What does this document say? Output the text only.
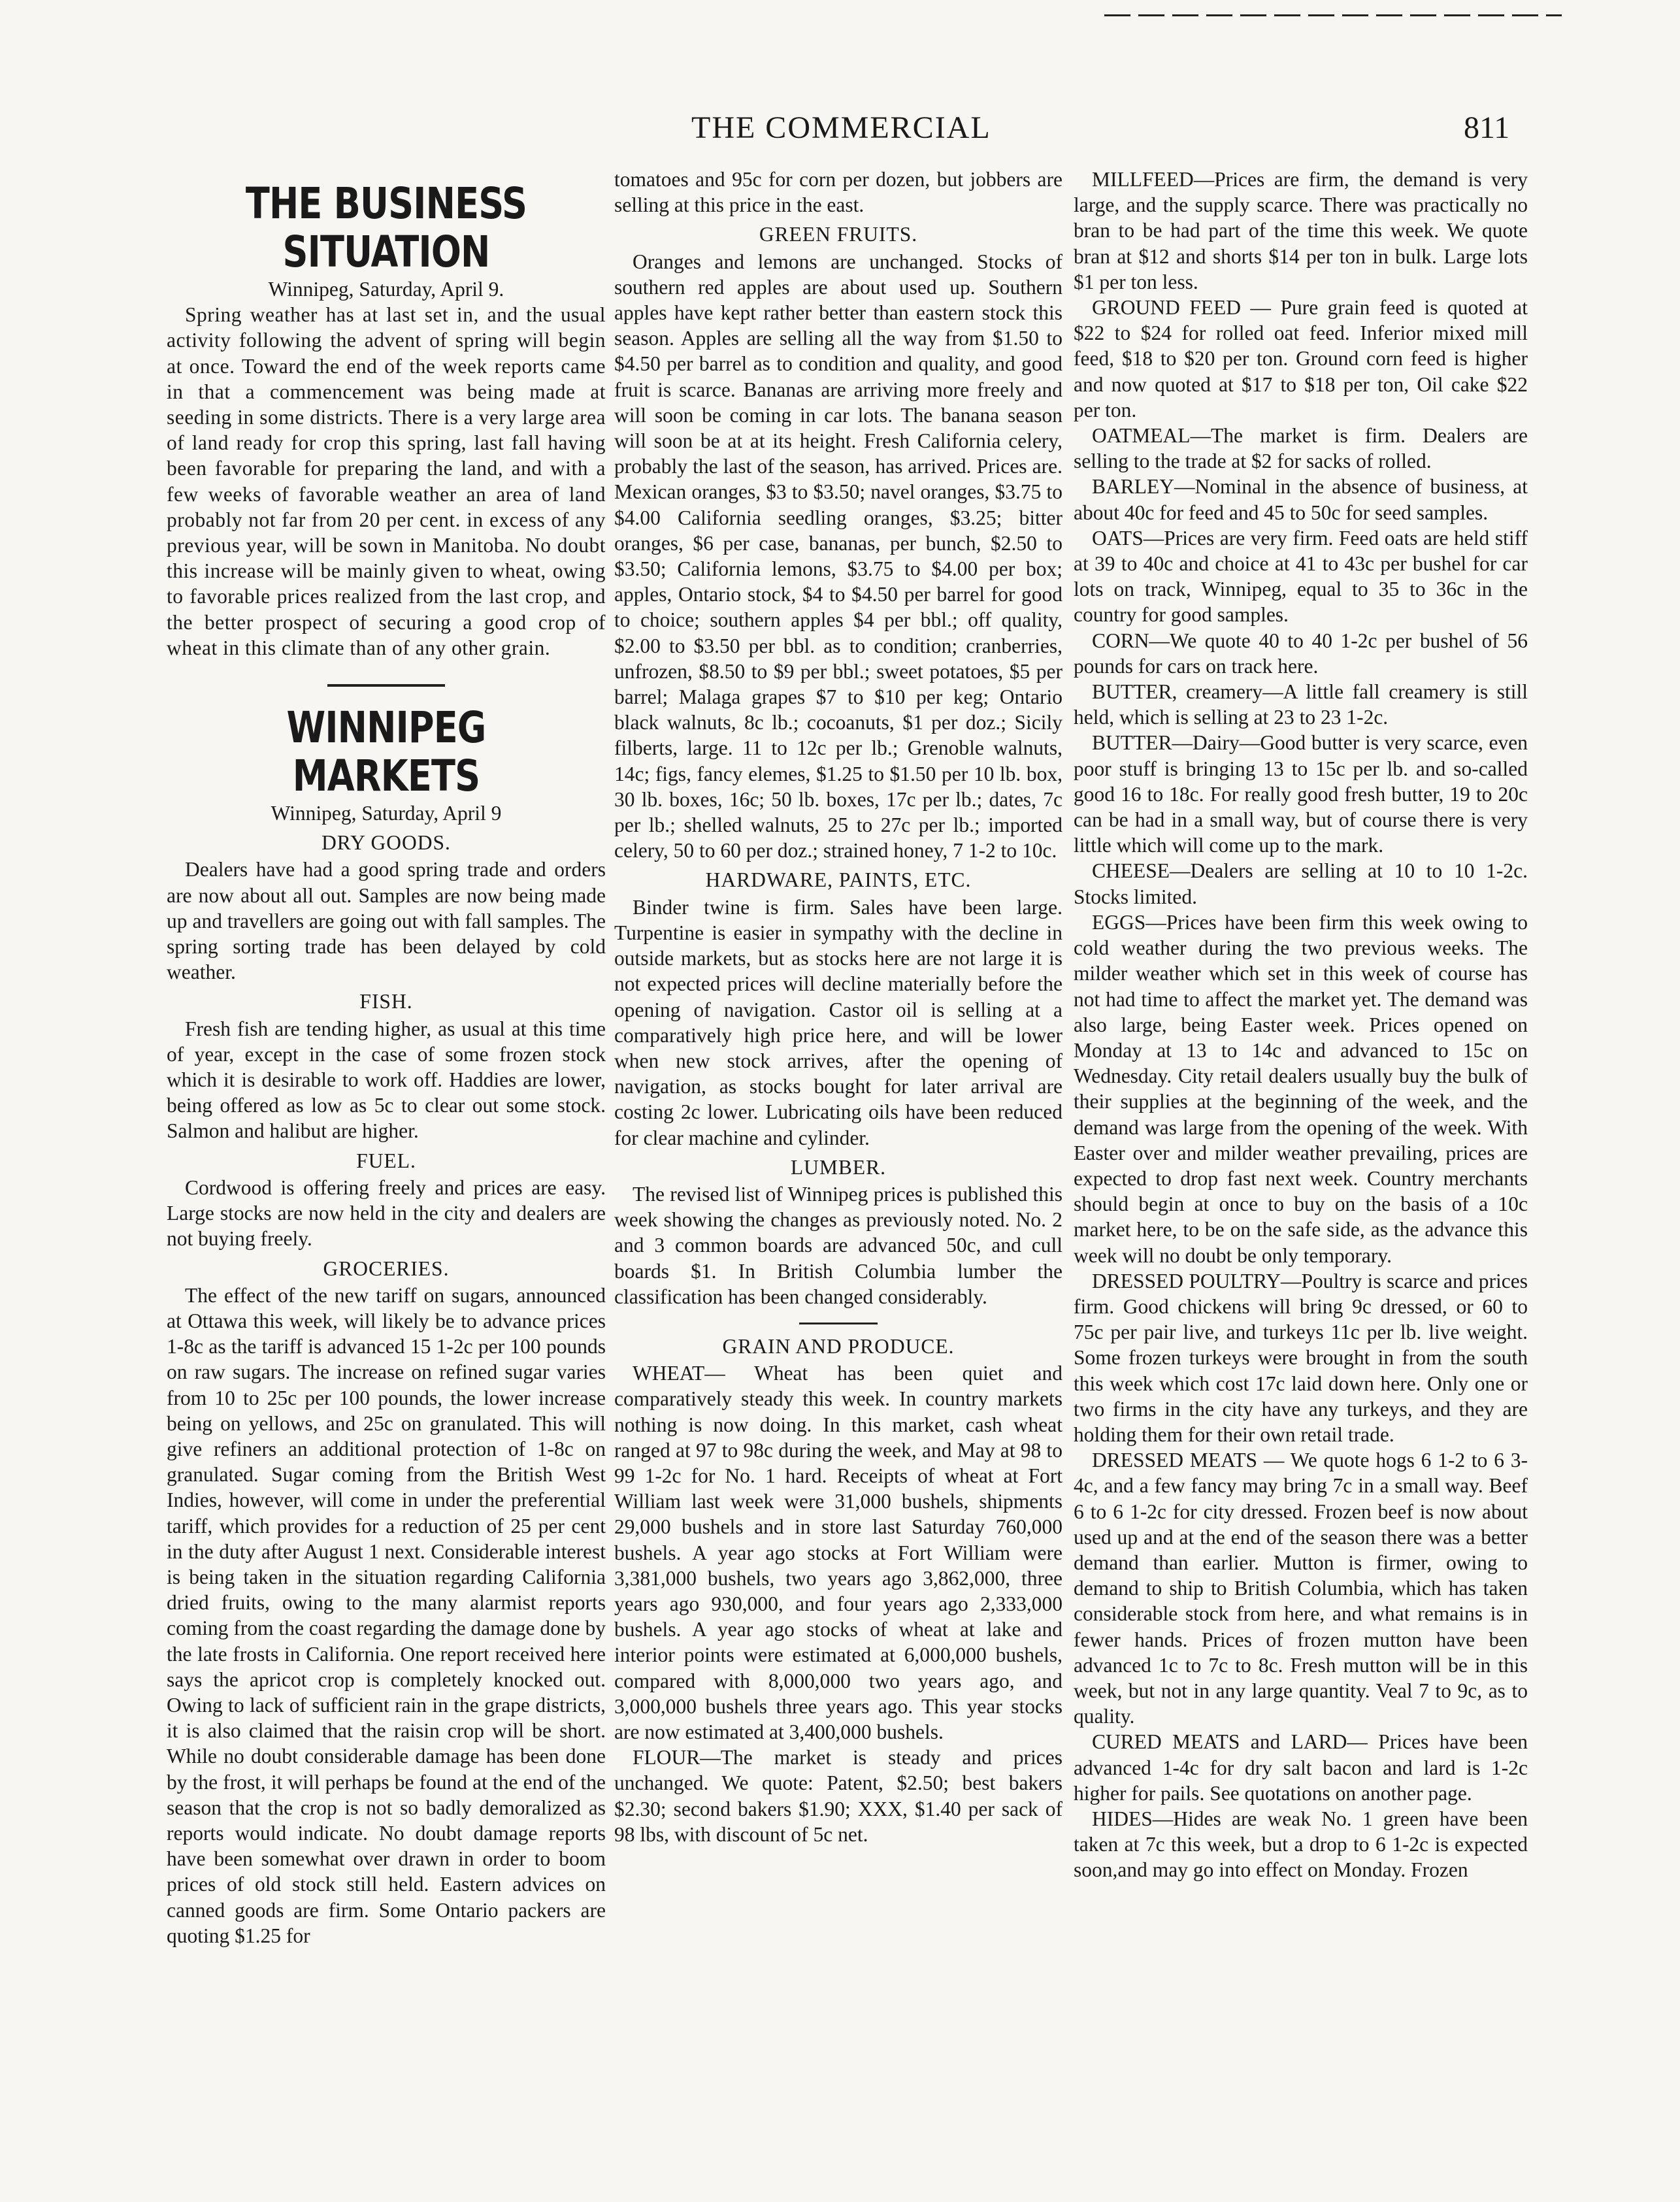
THE COMMERCIAL	811
THE BUSINESS SITUATION
Winnipeg, Saturday, April 9.

Spring weather has at last set in, and the usual activity following the advent of spring will begin at once. Toward the end of the week reports came in that a commencement was being made at seeding in some districts. There is a very large area of land ready for crop this spring, last fall having been favorable for preparing the land, and with a few weeks of favorable weather an area of land probably not far from 20 per cent. in excess of any previous year, will be sown in Manitoba. No doubt this increase will be mainly given to wheat, owing to favorable prices realized from the last crop, and the better prospect of securing a good crop of wheat in this climate than of any other grain.

WINNIPEG MARKETS
Winnipeg, Saturday, April 9
DRY GOODS.

Dealers have had a good spring trade and orders are now about all out. Samples are now being made up and travellers are going out with fall samples. The spring sorting trade has been delayed by cold weather.

FISH.

Fresh fish are tending higher, as usual at this time of year, except in the case of some frozen stock which it is desirable to work off. Haddies are lower, being offered as low as 5c to clear out some stock. Salmon and halibut are higher.

FUEL.

Cordwood is offering freely and prices are easy. Large stocks are now held in the city and dealers are not buying freely.

GROCERIES.

The effect of the new tariff on sugars, announced at Ottawa this week, will likely be to advance prices 1-8c as the tariff is advanced 15 1-2c per 100 pounds on raw sugars. The increase on refined sugar varies from 10 to 25c per 100 pounds, the lower increase being on yellows, and 25c on granulated. This will give refiners an additional protection of 1-8c on granulated. Sugar coming from the British West Indies, however, will come in under the preferential tariff, which provides for a reduction of 25 per cent in the duty after August 1 next. Considerable interest is being taken in the situation regarding California dried fruits, owing to the many alarmist reports coming from the coast regarding the damage done by the late frosts in California. One report received here says the apricot crop is completely knocked out. Owing to lack of sufficient rain in the grape districts, it is also claimed that the raisin crop will be short. While no doubt considerable damage has been done by the frost, it will perhaps be found at the end of the season that the crop is not so badly demoralized as reports would indicate. No doubt damage reports have been somewhat over drawn in order to boom prices of old stock still held. Eastern advices on canned goods are firm. Some Ontario packers are quoting $1.25 for

tomatoes and 95c for corn per dozen, but jobbers are selling at this price in the east.

GREEN FRUITS.

Oranges and lemons are unchanged. Stocks of southern red apples are about used up. Southern apples have kept rather better than eastern stock this season. Apples are selling all the way from $1.50 to $4.50 per barrel as to condition and quality, and good fruit is scarce. Bananas are arriving more freely and will soon be coming in car lots. The banana season will soon be at at its height. Fresh California celery, probably the last of the season, has arrived. Prices are. Mexican oranges, $3 to $3.50; navel oranges, $3.75 to $4.00 California seedling oranges, $3.25; bitter oranges, $6 per case, bananas, per bunch, $2.50 to $3.50; California lemons, $3.75 to $4.00 per box; apples, Ontario stock, $4 to $4.50 per barrel for good to choice; southern apples $4 per bbl.; off quality, $2.00 to $3.50 per bbl. as to condition; cranberries, unfrozen, $8.50 to $9 per bbl.; sweet potatoes, $5 per barrel; Malaga grapes $7 to $10 per keg; Ontario black walnuts, 8c lb.; cocoanuts, $1 per doz.; Sicily filberts, large. 11 to 12c per lb.; Grenoble walnuts, 14c; figs, fancy elemes, $1.25 to $1.50 per 10 lb. box, 30 lb. boxes, 16c; 50 lb. boxes, 17c per lb.; dates, 7c per lb.; shelled walnuts, 25 to 27c per lb.; imported celery, 50 to 60 per doz.; strained honey, 7 1-2 to 10c.

HARDWARE, PAINTS, ETC.

Binder twine is firm. Sales have been large. Turpentine is easier in sympathy with the decline in outside markets, but as stocks here are not large it is not expected prices will decline materially before the opening of navigation. Castor oil is selling at a comparatively high price here, and will be lower when new stock arrives, after the opening of navigation, as stocks bought for later arrival are costing 2c lower. Lubricating oils have been reduced for clear machine and cylinder.

LUMBER.

The revised list of Winnipeg prices is published this week showing the changes as previously noted. No. 2 and 3 common boards are advanced 50c, and cull boards $1. In British Columbia lumber the classification has been changed considerably.

GRAIN AND PRODUCE.

WHEAT— Wheat has been quiet and comparatively steady this week. In country markets nothing is now doing. In this market, cash wheat ranged at 97 to 98c during the week, and May at 98 to 99 1-2c for No. 1 hard. Receipts of wheat at Fort William last week were 31,000 bushels, shipments 29,000 bushels and in store last Saturday 760,000 bushels. A year ago stocks at Fort William were 3,381,000 bushels, two years ago 3,862,000, three years ago 930,000, and four years ago 2,333,000 bushels. A year ago stocks of wheat at lake and interior points were estimated at 6,000,000 bushels, compared with 8,000,000 two years ago, and 3,000,000 bushels three years ago. This year stocks are now estimated at 3,400,000 bushels.

FLOUR—The market is steady and prices unchanged. We quote: Patent, $2.50; best bakers $2.30; second bakers $1.90; XXX, $1.40 per sack of 98 lbs, with discount of 5c net.

MILLFEED—Prices are firm, the demand is very large, and the supply scarce. There was practically no bran to be had part of the time this week. We quote bran at $12 and shorts $14 per ton in bulk. Large lots $1 per ton less.

GROUND FEED — Pure grain feed is quoted at $22 to $24 for rolled oat feed. Inferior mixed mill feed, $18 to $20 per ton. Ground corn feed is higher and now quoted at $17 to $18 per ton, Oil cake $22 per ton.

OATMEAL—The market is firm. Dealers are selling to the trade at $2 for sacks of rolled.

BARLEY—Nominal in the absence of business, at about 40c for feed and 45 to 50c for seed samples.

OATS—Prices are very firm. Feed oats are held stiff at 39 to 40c and choice at 41 to 43c per bushel for car lots on track, Winnipeg, equal to 35 to 36c in the country for good samples.

CORN—We quote 40 to 40 1-2c per bushel of 56 pounds for cars on track here.

BUTTER, creamery—A little fall creamery is still held, which is selling at 23 to 23 1-2c.

BUTTER—Dairy—Good butter is very scarce, even poor stuff is bringing 13 to 15c per lb. and so-called good 16 to 18c. For really good fresh butter, 19 to 20c can be had in a small way, but of course there is very little which will come up to the mark.

CHEESE—Dealers are selling at 10 to 10 1-2c. Stocks limited.

EGGS—Prices have been firm this week owing to cold weather during the two previous weeks. The milder weather which set in this week of course has not had time to affect the market yet. The demand was also large, being Easter week. Prices opened on Monday at 13 to 14c and advanced to 15c on Wednesday. City retail dealers usually buy the bulk of their supplies at the beginning of the week, and the demand was large from the opening of the week. With Easter over and milder weather prevailing, prices are expected to drop fast next week. Country merchants should begin at once to buy on the basis of a 10c market here, to be on the safe side, as the advance this week will no doubt be only temporary.

DRESSED POULTRY—Poultry is scarce and prices firm. Good chickens will bring 9c dressed, or 60 to 75c per pair live, and turkeys 11c per lb. live weight. Some frozen turkeys were brought in from the south this week which cost 17c laid down here. Only one or two firms in the city have any turkeys, and they are holding them for their own retail trade.

DRESSED MEATS — We quote hogs 6 1-2 to 6 3-4c, and a few fancy may bring 7c in a small way. Beef 6 to 6 1-2c for city dressed. Frozen beef is now about used up and at the end of the season there was a better demand than earlier. Mutton is firmer, owing to demand to ship to British Columbia, which has taken considerable stock from here, and what remains is in fewer hands. Prices of frozen mutton have been advanced 1c to 7c to 8c. Fresh mutton will be in this week, but not in any large quantity. Veal 7 to 9c, as to quality.

CURED MEATS and LARD— Prices have been advanced 1-4c for dry salt bacon and lard is 1-2c higher for pails. See quotations on another page.

HIDES—Hides are weak No. 1 green have been taken at 7c this week, but a drop to 6 1-2c is expected soon,and may go into effect on Monday. Frozen
